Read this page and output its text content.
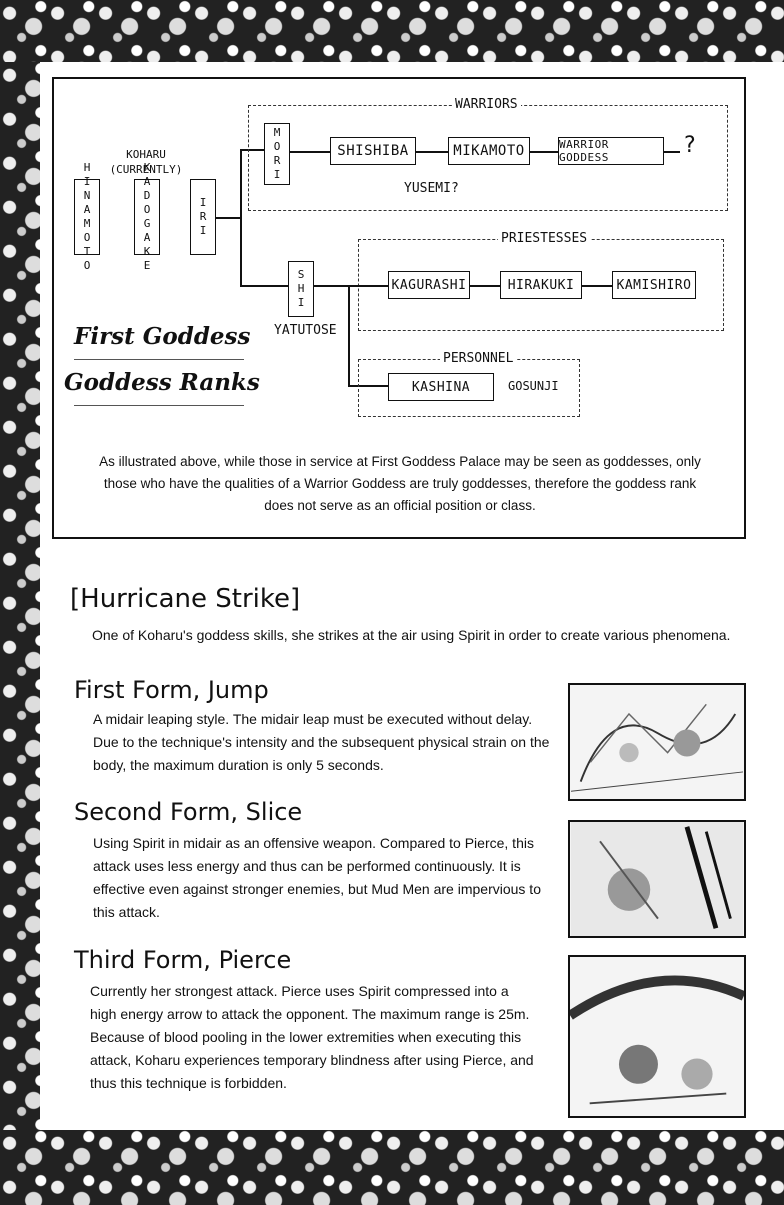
HINAMOTO
KOHARU
(CURRENTLY)
KADOGAKE	IRI
WARRIORS
MORI	SHISHIBA	MIKAMOTO	WARRIOR GODDESS	?
YUSEMI?
SHI
YATUTOSE
PRIESTESSES
KAGURASHI	HIRAKUKI	KAMISHIRO
PERSONNEL
KASHINA	GOSUNJI
First Goddess
Goddess Ranks
As illustrated above, while those in service at First Goddess Palace may be seen as goddesses, only those who have the qualities of a Warrior Goddess are truly goddesses, therefore the goddess rank does not serve as an official position or class.
[Hurricane Strike]
One of Koharu's goddess skills, she strikes at the air using Spirit in order to create various phenomena.
First Form, Jump
A midair leaping style. The midair leap must be executed without delay.
Due to the technique's intensity and the subsequent physical strain on the
body, the maximum duration is only 5 seconds.
Second Form, Slice
Using Spirit in midair as an offensive weapon. Compared to Pierce, this
attack uses less energy and thus can be performed continuously. It is
effective even against stronger enemies, but Mud Men are impervious to
this attack.
Third Form, Pierce
Currently her strongest attack. Pierce uses Spirit compressed into a
high energy arrow to attack the opponent. The maximum range is 25m.
Because of blood pooling in the lower extremities when executing this
attack, Koharu experiences temporary blindness after using Pierce, and
thus this technique is forbidden.
